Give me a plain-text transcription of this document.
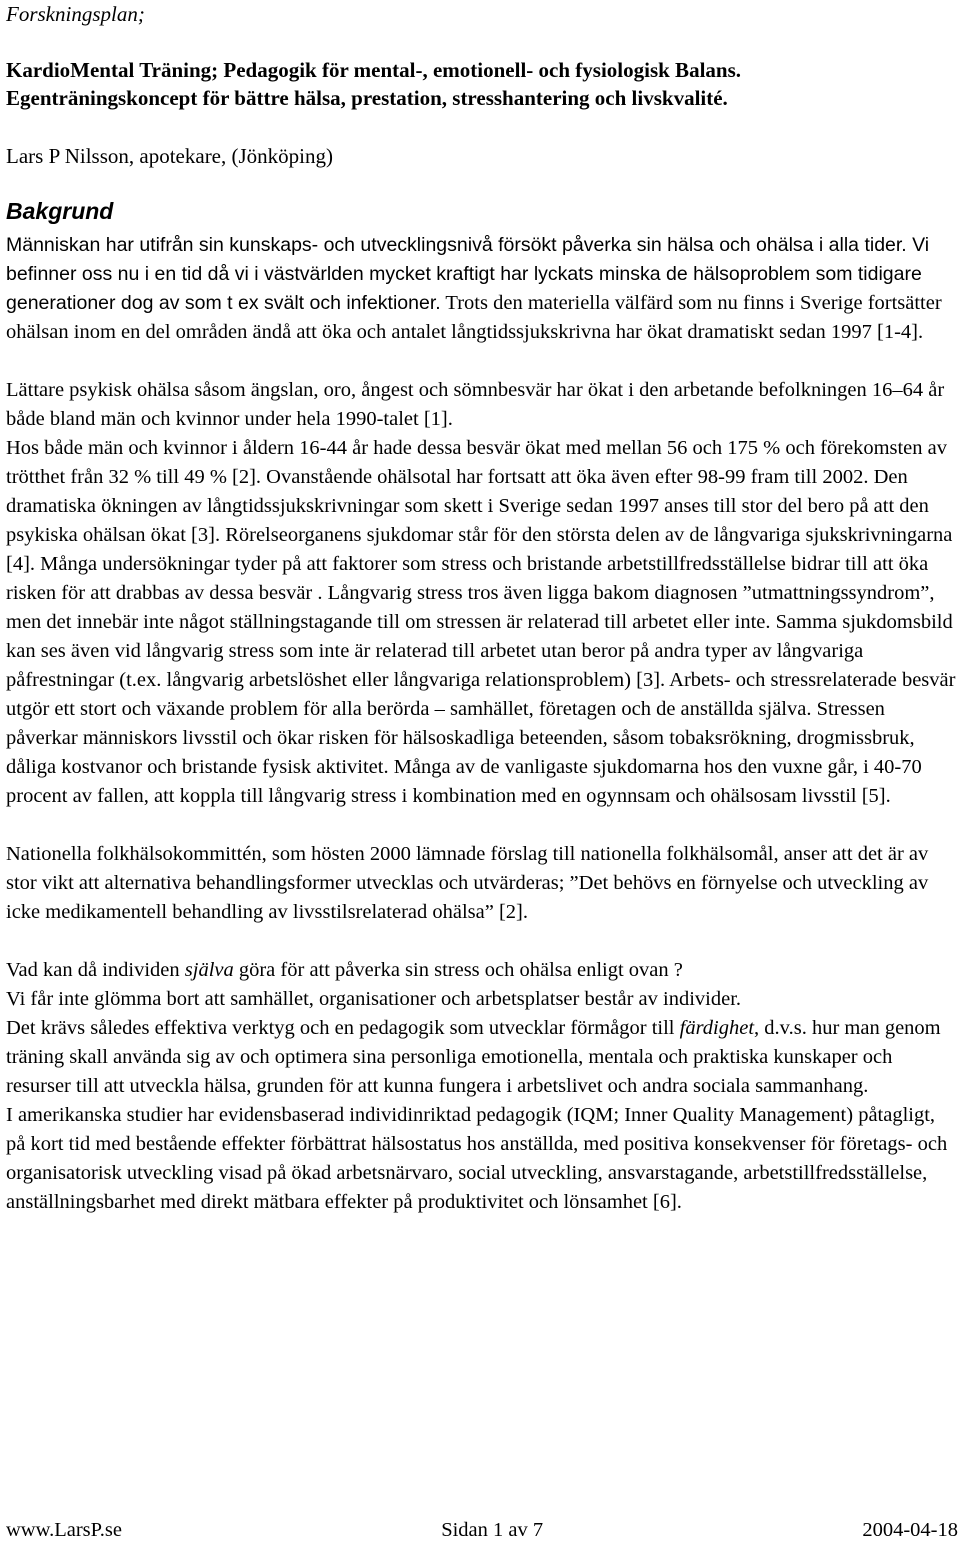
Forskningsplan;
KardioMental Träning; Pedagogik för mental-, emotionell- och fysiologisk Balans.
Egenträningskoncept för bättre hälsa, prestation, stresshantering och livskvalité.
Lars P Nilsson, apotekare, (Jönköping)
Bakgrund

Människan har utifrån sin kunskaps- och utvecklingsnivå försökt påverka sin hälsa och ohälsa i alla tider. Vi befinner oss nu i en tid då vi i västvärlden mycket kraftigt har lyckats minska de hälsoproblem som tidigare generationer dog av som t ex svält och infektioner. Trots den materiella välfärd som nu finns i Sverige fortsätter ohälsan inom en del områden ändå att öka och antalet långtidssjukskrivna har ökat dramatiskt sedan 1997 [1-4].

Lättare psykisk ohälsa såsom ängslan, oro, ångest och sömnbesvär har ökat i den arbetande befolkningen 16–64 år både bland män och kvinnor under hela 1990-talet [1].

Hos både män och kvinnor i åldern 16-44 år hade dessa besvär ökat med mellan 56 och 175 % och förekomsten av trötthet från 32 % till 49 % [2]. Ovanstående ohälsotal har fortsatt att öka även efter 98-99 fram till 2002. Den dramatiska ökningen av långtidssjukskrivningar som skett i Sverige sedan 1997 anses till stor del bero på att den psykiska ohälsan ökat [3]. Rörelseorganens sjukdomar står för den största delen av de långvariga sjukskrivningarna [4]. Många undersökningar tyder på att faktorer som stress och bristande arbetstillfredsställelse bidrar till att öka risken för att drabbas av dessa besvär . Långvarig stress tros även ligga bakom diagnosen ”utmattningssyndrom”, men det innebär inte något ställningstagande till om stressen är relaterad till arbetet eller inte. Samma sjukdomsbild kan ses även vid långvarig stress som inte är relaterad till arbetet utan beror på andra typer av långvariga påfrestningar (t.ex. långvarig arbetslöshet eller långvariga relationsproblem) [3]. Arbets- och stressrelaterade besvär utgör ett stort och växande problem för alla berörda – samhället, företagen och de anställda själva. Stressen påverkar människors livsstil och ökar risken för hälsoskadliga beteenden, såsom tobaksrökning, drogmissbruk, dåliga kostvanor och bristande fysisk aktivitet. Många av de vanligaste sjukdomarna hos den vuxne går, i 40-70 procent av fallen, att koppla till långvarig stress i kombination med en ogynnsam och ohälsosam livsstil [5].

Nationella folkhälsokommittén, som hösten 2000 lämnade förslag till nationella folkhälsomål, anser att det är av stor vikt att alternativa behandlingsformer utvecklas och utvärderas; ”Det behövs en förnyelse och utveckling av icke medikamentell behandling av livsstilsrelaterad ohälsa” [2].

Vad kan då individen själva göra för att påverka sin stress och ohälsa enligt ovan ?

Vi får inte glömma bort att samhället, organisationer och arbetsplatser består av individer.

Det krävs således effektiva verktyg och en pedagogik som utvecklar förmågor till färdighet, d.v.s. hur man genom träning skall använda sig av och optimera sina personliga emotionella, mentala och praktiska kunskaper och resurser till att utveckla hälsa, grunden för att kunna fungera i arbetslivet och andra sociala sammanhang.

I amerikanska studier har evidensbaserad individinriktad pedagogik (IQM; Inner Quality Management) påtagligt, på kort tid med bestående effekter förbättrat hälsostatus hos anställda, med positiva konsekvenser för företags- och organisatorisk utveckling visad på ökad arbetsnärvaro, social utveckling, ansvarstagande, arbetstillfredsställelse, anställningsbarhet med direkt mätbara effekter på produktivitet och lönsamhet [6].

www.LarsP.se	Sidan 1 av 7	2004-04-18
